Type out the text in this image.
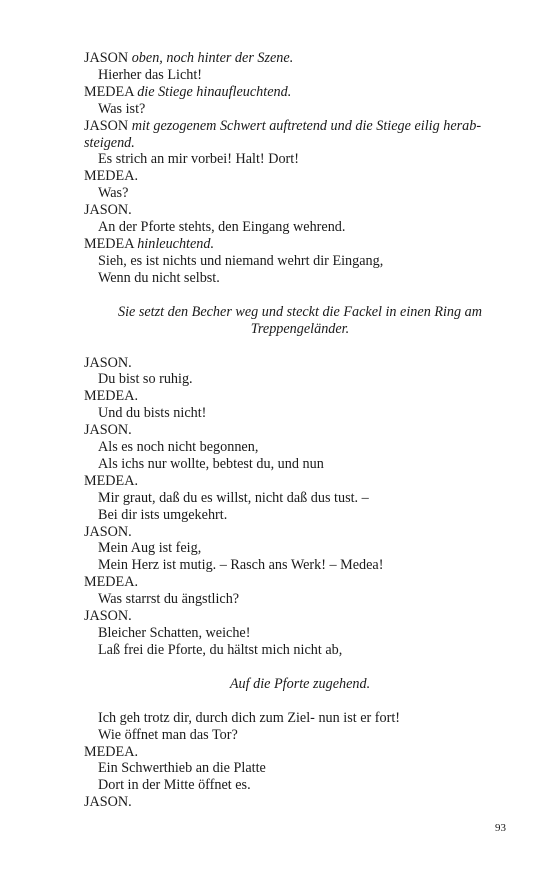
JASON oben, noch hinter der Szene.
Hierher das Licht!
MEDEA die Stiege hinaufleuchtend.
Was ist?
JASON mit gezogenem Schwert auftretend und die Stiege eilig herab-
steigend.
Es strich an mir vorbei! Halt! Dort!
MEDEA.
Was?
JASON.
An der Pforte stehts, den Eingang wehrend.
MEDEA hinleuchtend.
Sieh, es ist nichts und niemand wehrt dir Eingang,
Wenn du nicht selbst.
Sie setzt den Becher weg und steckt die Fackel in einen Ring am Treppengeländer.
JASON.
Du bist so ruhig.
MEDEA.
Und du bists nicht!
JASON.
Als es noch nicht begonnen,
Als ichs nur wollte, bebtest du, und nun
MEDEA.
Mir graut, daß du es willst, nicht daß dus tust. –
Bei dir ists umgekehrt.
JASON.
Mein Aug ist feig,
Mein Herz ist mutig. – Rasch ans Werk! – Medea!
MEDEA.
Was starrst du ängstlich?
JASON.
Bleicher Schatten, weiche!
Laß frei die Pforte, du hältst mich nicht ab,
Auf die Pforte zugehend.
Ich geh trotz dir, durch dich zum Ziel- nun ist er fort!
Wie öffnet man das Tor?
MEDEA.
Ein Schwerthieb an die Platte
Dort in der Mitte öffnet es.
JASON.
93
